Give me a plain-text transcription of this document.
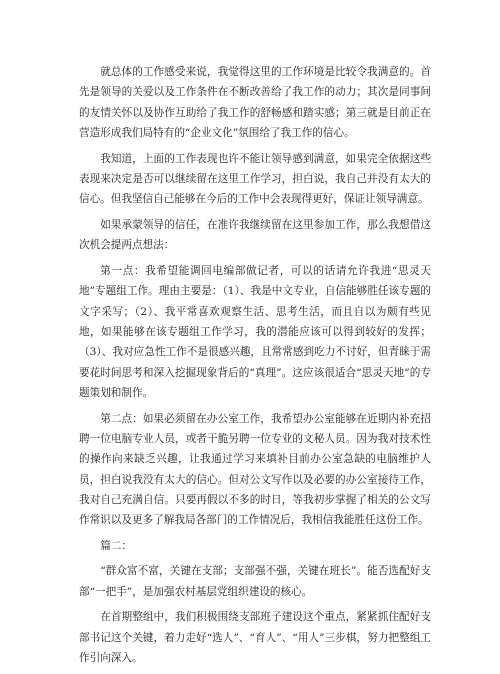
就总体的工作感受来说，我觉得这里的工作环境是比较令我满意的。首先是领导的关爱以及工作条件在不断改善给了我工作的动力；其次是同事间的友情关怀以及协作互助给了我工作的舒畅感和踏实感；第三就是目前正在营造形成我们局特有的“企业文化”氛围给了我工作的信心。

我知道，上面的工作表现也许不能让领导感到满意，如果完全依据这些表现来决定是否可以继续留在这里工作学习，担白说，我自己并没有太大的信心。但我坚信自己能够在今后的工作中会表现得更好，保证让领导满意。

如果承蒙领导的信任，在准许我继续留在这里参加工作，那么我想借这次机会提两点想法：

第一点：我希望能调回电编部做记者，可以的话请允许我进“思灵天地”专题组工作。理由主要是：（1）、我是中文专业，自信能够胜任该专题的文字采写；（2）、我平常喜欢观察生活、思考生活，而且自以为颇有些见地，如果能够在该专题组工作学习，我的潜能应该可以得到较好的发挥；（3）、我对应急性工作不是很感兴趣，且常常感到吃力不讨好，但青睐于需要花时间思考和深入挖掘现象背后的“真理”。这应该很适合“思灵天地”的专题策划和制作。

第二点：如果必须留在办公室工作，我希望办公室能够在近期内补充招聘一位电脑专业人员，或者干脆另聘一位专业的文秘人员。因为我对技术性的操作向来缺乏兴趣，让我通过学习来填补目前办公室急缺的电脑维护人员，担白说我没有太大的信心。但对公文写作以及必要的办公室接待工作，我对自己充满自信。只要再假以不多的时日，等我初步掌握了相关的公文写作常识以及更多了解我局各部门的工作情况后，我相信我能胜任这份工作。

篇二：

“群众富不富，关键在支部；支部强不强，关键在班长”。能否选配好支部“一把手”，是加强农村基层党组织建设的核心。

在首期整组中，我们积极围绕支部班子建设这个重点，紧紧抓住配好支部书记这个关键，着力走好“选人”、“育人”、“用人”三步棋，努力把整组工作引向深入。
